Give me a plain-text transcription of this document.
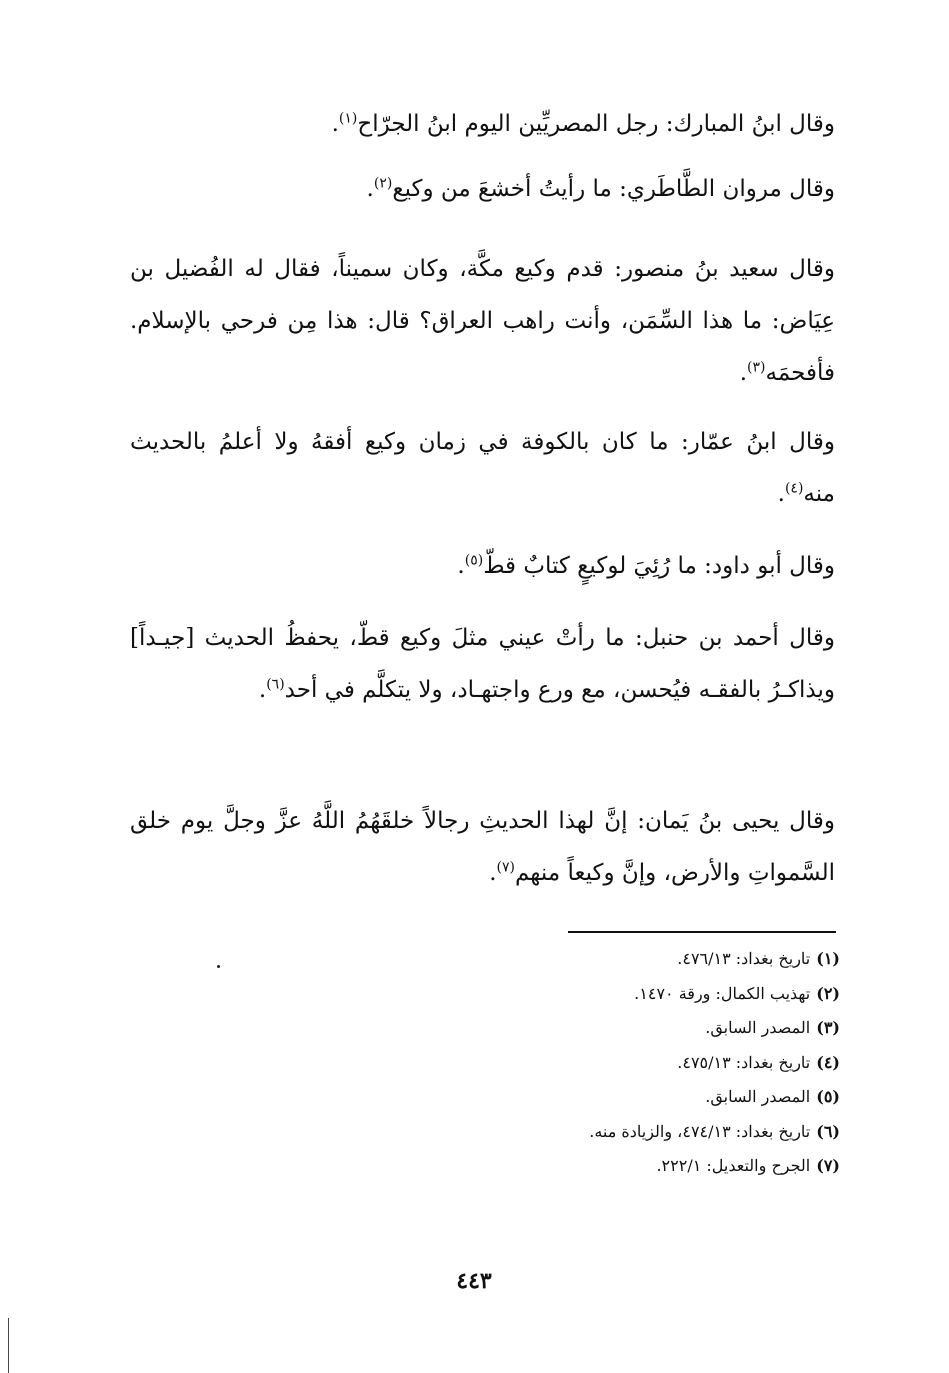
وقال ابنُ المبارك: رجل المصريِّين اليوم ابنُ الجرّاح$^{(١)}$.

وقال مروان الطَّاطَري: ما رأيتُ أخشعَ من وكيع$^{(٢)}$.

وقال سعيد بنُ منصور: قدم وكيع مكَّة، وكان سميناً، فقال له الفُضيل بن عِيَاض: ما هذا السِّمَن، وأنت راهب العراق؟ قال: هذا مِن فرحي بالإسلام. فأفحمَه$^{(٣)}$.

وقال ابنُ عمّار: ما كان بالكوفة في زمان وكيع أفقهُ ولا أعلمُ بالحديث منه$^{(٤)}$.

وقال أبو داود: ما رُئِيَ لوكيعٍ كتابٌ قطّ$^{(٥)}$.

وقال أحمد بن حنبل: ما رأتْ عيني مثلَ وكيع قطّ، يحفظُ الحديث [جيـداً] ويذاكـرُ بالفقـه فيُحسن، مع ورع واجتهـاد، ولا يتكلَّم في أحد$^{(٦)}$.

وقال يحيى بنُ يَمان: إنَّ لهذا الحديثِ رجالاً خلقَهُمُ اللَّهُ عزَّ وجلَّ يوم خلق السَّمواتِ والأرض، وإنَّ وكيعاً منهم$^{(٧)}$.

(١)تاريخ بغداد: ٤٧٦/١٣.
(٢)تهذيب الكمال: ورقة ١٤٧٠.
(٣)المصدر السابق.
(٤)تاريخ بغداد: ٤٧٥/١٣.
(٥)المصدر السابق.
(٦)تاريخ بغداد: ٤٧٤/١٣، والزيادة منه.
(٧)الجرح والتعديل: ٢٢٢/١.
٤٤٣
